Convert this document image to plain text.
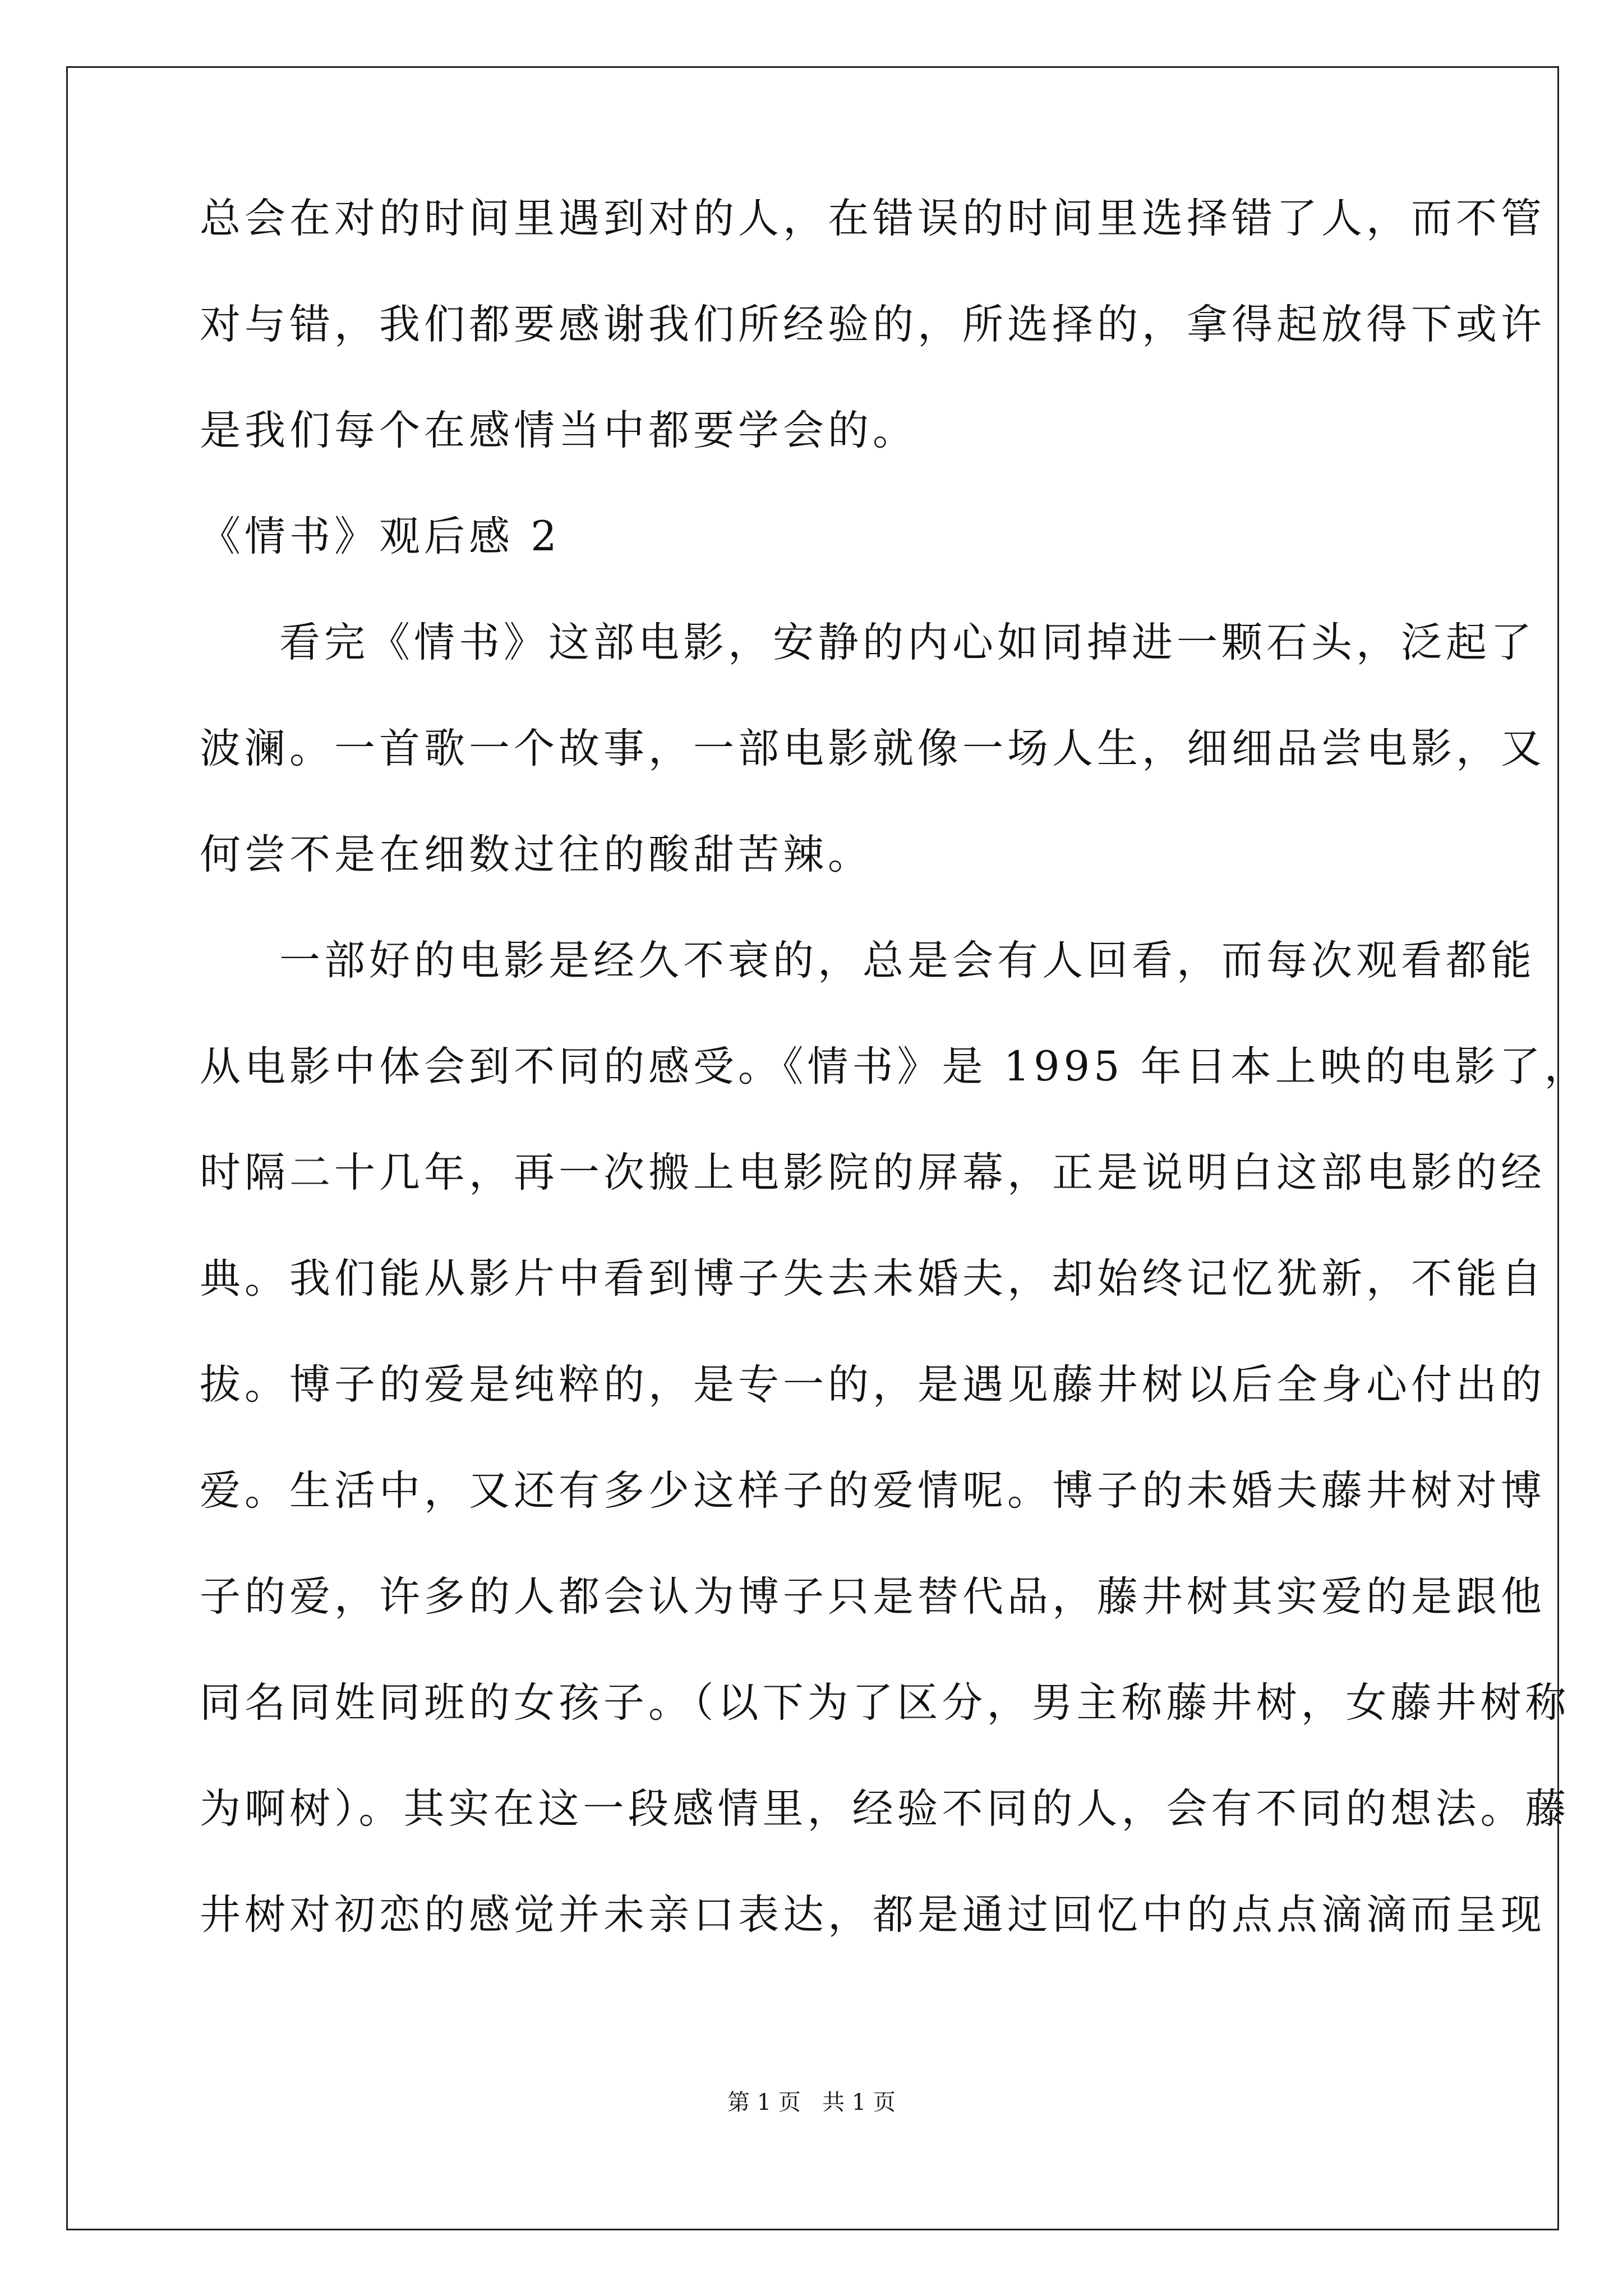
总会在对的时间里遇到对的人，在错误的时间里选择错了人，而不管
对与错，我们都要感谢我们所经验的，所选择的，拿得起放得下或许
是我们每个在感情当中都要学会的。
《情书》观后感 2
看完《情书》这部电影，安静的内心如同掉进一颗石头，泛起了
波澜。一首歌一个故事，一部电影就像一场人生，细细品尝电影，又
何尝不是在细数过往的酸甜苦辣。
一部好的电影是经久不衰的，总是会有人回看，而每次观看都能
从电影中体会到不同的感受。《情书》是 1995 年日本上映的电影了，
时隔二十几年，再一次搬上电影院的屏幕，正是说明白这部电影的经
典。我们能从影片中看到博子失去未婚夫，却始终记忆犹新，不能自
拔。博子的爱是纯粹的，是专一的，是遇见藤井树以后全身心付出的
爱。生活中，又还有多少这样子的爱情呢。博子的未婚夫藤井树对博
子的爱，许多的人都会认为博子只是替代品，藤井树其实爱的是跟他
同名同姓同班的女孩子。（以下为了区分，男主称藤井树，女藤井树称
为啊树）。其实在这一段感情里，经验不同的人，会有不同的想法。藤
井树对初恋的感觉并未亲口表达，都是通过回忆中的点点滴滴而呈现
第 1 页   共 1 页
